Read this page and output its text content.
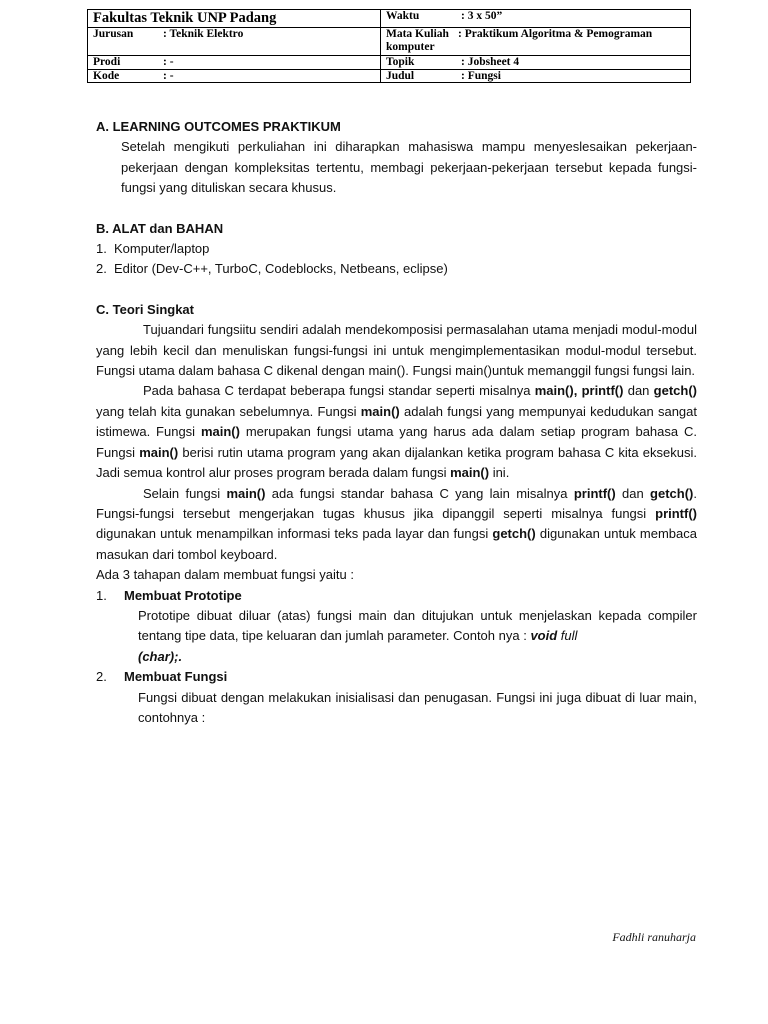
Fakultas Teknik UNP Padang	Waktu : 3 x 50”
Jurusan : Teknik Elektro	Mata Kuliah : Praktikum Algoritma & Pemograman komputer
Prodi : -	Topik : Jobsheet 4
Kode : -	Judul : Fungsi

A. LEARNING OUTCOMES PRAKTIKUM

Setelah mengikuti perkuliahan ini diharapkan mahasiswa mampu menyeslesaikan pekerjaan-pekerjaan dengan kompleksitas tertentu, membagi pekerjaan-pekerjaan tersebut kepada fungsi-fungsi yang dituliskan secara khusus.

B. ALAT dan BAHAN

1. Komputer/laptop
2. Editor (Dev-C++, TurboC, Codeblocks, Netbeans, eclipse)

C. Teori Singkat

Tujuandari fungsiitu sendiri adalah mendekomposisi permasalahan utama menjadi modul-modul yang lebih kecil dan menuliskan fungsi-fungsi ini untuk mengimplementasikan modul-modul tersebut. Fungsi utama dalam bahasa C dikenal dengan main(). Fungsi main()untuk memanggil fungsi fungsi lain.

Pada bahasa C terdapat beberapa fungsi standar seperti misalnya main(), printf() dan getch() yang telah kita gunakan sebelumnya. Fungsi main() adalah fungsi yang mempunyai kedudukan sangat istimewa. Fungsi main() merupakan fungsi utama yang harus ada dalam setiap program bahasa C. Fungsi main() berisi rutin utama program yang akan dijalankan ketika program bahasa C kita eksekusi. Jadi semua kontrol alur proses program berada dalam fungsi main() ini.

Selain fungsi main() ada fungsi standar bahasa C yang lain misalnya printf() dan getch(). Fungsi-fungsi tersebut mengerjakan tugas khusus jika dipanggil seperti misalnya fungsi printf() digunakan untuk menampilkan informasi teks pada layar dan fungsi getch() digunakan untuk membaca masukan dari tombol keyboard.

Ada 3 tahapan dalam membuat fungsi yaitu :

1. Membuat Prototipe

Prototipe dibuat diluar (atas) fungsi main dan ditujukan untuk menjelaskan kepada compiler tentang tipe data, tipe keluaran dan jumlah parameter. Contoh nya : void full
(char);.

2. Membuat Fungsi

Fungsi dibuat dengan melakukan inisialisasi dan penugasan. Fungsi ini juga dibuat di luar main, contohnya :

Fadhli ranuharja
